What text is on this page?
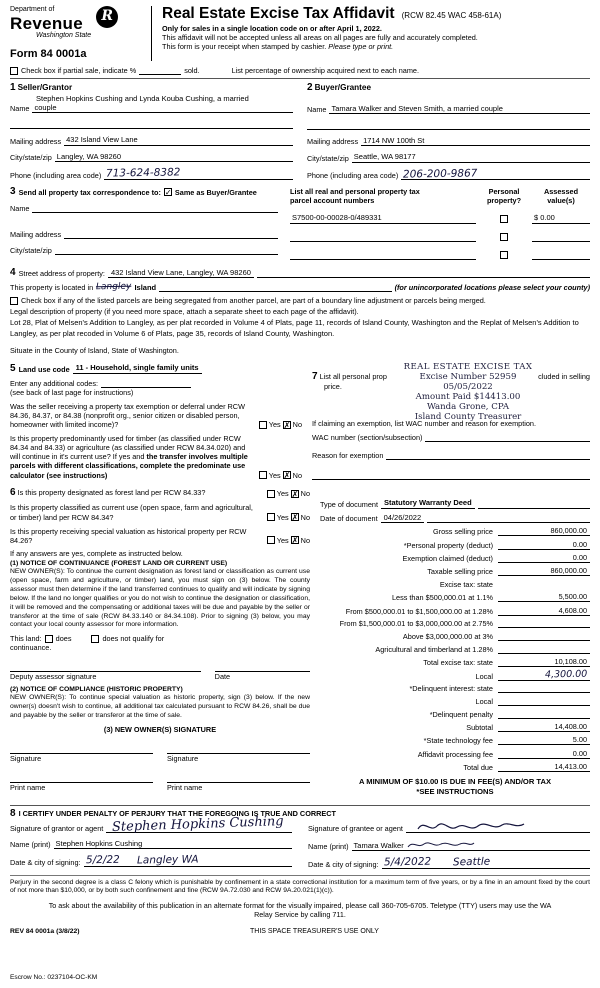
Department of
Revenue
Washington State
R
Form 84 0001a
Real Estate Excise Tax Affidavit (RCW 82.45 WAC 458-61A)
Only for sales in a single location code on or after April 1, 2022.
This affidavit will not be accepted unless all areas on all pages are fully and accurately completed.
This form is your receipt when stamped by cashier. Please type or print.
Check box if partial sale, indicate %	sold.	List percentage of ownership acquired next to each name.
1 Seller/Grantor
Stephen Hopkins Cushing and Lynda Kouba Cushing, a married
Name couple
Mailing address 432 Island View Lane
City/state/zip Langley, WA 98260
Phone (including area code) 713-624-8382
2 Buyer/Grantee
Name Tamara Walker and Steven Smith, a married couple
Mailing address 1714 NW 100th St
City/state/zip Seattle, WA 98177
Phone (including area code) 206-200-9867
3 Send all property tax correspondence to: ✓ Same as Buyer/Grantee
Name
Mailing address
City/state/zip
List all real and personal property tax
parcel account numbers
Personal
property?
Assessed
value(s)
S7500-00-00028-0/489331	$ 0.00
4 Street address of property: 432 Island View Lane, Langley, WA 98260
This property is located in Langley Island	(for unincorporated locations please select your county)
Check box if any of the listed parcels are being segregated from another parcel, are part of a boundary line adjustment or parcels being merged.
Legal description of property (if you need more space, attach a separate sheet to each page of the affidavit).
Lot 28, Plat of Melsen's Addition to Langley, as per plat recorded in Volume 4 of Plats, page 11, records of Island County, Washington and the Replat of Melsen's Addition to Langley, as per plat recoded in Volume 6 of Plats, page 35, records of Island County, Washington.
Situate in the County of Island, State of Washington.
5 Land use code 11 - Household, single family units
Enter any additional codes:
(see back of last page for instructions)
Was the seller receiving a property tax exemption or deferral under RCW 84.36, 84.37, or 84.38 (nonprofit org., senior citizen or disabled person, homeowner with limited income)?	Yes ✗ No
Is this property predominantly used for timber (as classified under RCW 84.34 and 84.33) or agriculture (as classified under RCW 84.34.020) and will continue in it's current use? If yes and the transfer involves multiple parcels with different classifications, complete the predominate use calculator (see instructions)	Yes ✗ No
7 List all personal prop	cluded in selling
price.
REAL ESTATE EXCISE TAX
Excise Number 52959
05/05/2022
Amount Paid $14413.00
Wanda Grone, CPA
Island County Treasurer
If claiming an exemption, list WAC number and reason for exemption.
WAC number (section/subsection)
Reason for exemption
6 Is this property designated as forest land per RCW 84.33?	Yes ✗ No
Is this property classified as current use (open space, farm and agricultural, or timber) land per RCW 84.34?	Yes ✗ No
Is this property receiving special valuation as historical property per RCW 84.26?	Yes ✗ No
If any answers are yes, complete as instructed below.
(1) NOTICE OF CONTINUANCE (FOREST LAND OR CURRENT USE)
NEW OWNER(S): To continue the current designation as forest land or classification as current use (open space, farm and agriculture, or timber) land, you must sign on (3) below. The county assessor must then determine if the land transferred continues to qualify and will indicate by signing below. If the land no longer qualifies or you do not wish to continue the designation or classification, it will be removed and the compensating or additional taxes will be due and payable by the seller or transferor at the time of sale (RCW 84.33.140 or 84.34.108). Prior to signing (3) below, you may contact your local county assessor for more information.
This land: does	does not qualify for
continuance.
Deputy assessor signature	Date
(2) NOTICE OF COMPLIANCE (HISTORIC PROPERTY)
NEW OWNER(S): To continue special valuation as historic property, sign (3) below. If the new owner(s) doesn't wish to continue, all additional tax calculated pursuant to RCW 84.26, shall be due and payable by the seller or transferor at the time of sale.
(3) NEW OWNER(S) SIGNATURE
Signature	Signature
Print name	Print name
Type of document Statutory Warranty Deed
Date of document 04/26/2022
Gross selling price	860,000.00
*Personal property (deduct)	0.00
Exemption claimed (deduct)	0.00
Taxable selling price	860,000.00
Excise tax: state
Less than $500,000.01 at 1.1%	5,500.00
From $500,000.01 to $1,500,000.00 at 1.28%	4,608.00
From $1,500,000.01 to $3,000,000.00 at 2.75%
Above $3,000,000.00 at 3%
Agricultural and timberland at 1.28%
Total excise tax: state	10,108.00
Local	4,300.00
*Delinquent interest: state
Local
*Delinquent penalty
Subtotal	14,408.00
*State technology fee	5.00
Affidavit processing fee	0.00
Total due	14,413.00
A MINIMUM OF $10.00 IS DUE IN FEE(S) AND/OR TAX
*SEE INSTRUCTIONS
8 I CERTIFY UNDER PENALTY OF PERJURY THAT THE FOREGOING IS TRUE AND CORRECT
Signature of grantor or agent Stephen Hopkins Cushing
Name (print) Stephen Hopkins Cushing
Date & city of signing: 5/2/22 Langley WA
Signature of grantee or agent
Name (print) Tamara Walker
Date & city of signing: 5/4/2022 Seattle
Perjury in the second degree is a class C felony which is punishable by confinement in a state correctional institution for a maximum term of five years, or by a fine in an amount fixed by the court of not more than $10,000, or by both such confinement and fine (RCW 9A.72.030 and RCW 9A.20.021(1)(c)).
To ask about the availability of this publication in an alternate format for the visually impaired, please call 360-705-6705. Teletype (TTY) users may use the WA Relay Service by calling 711.
REV 84 0001a (3/8/22)	THIS SPACE TREASURER'S USE ONLY
Escrow No.: 0237104-OC-KM
